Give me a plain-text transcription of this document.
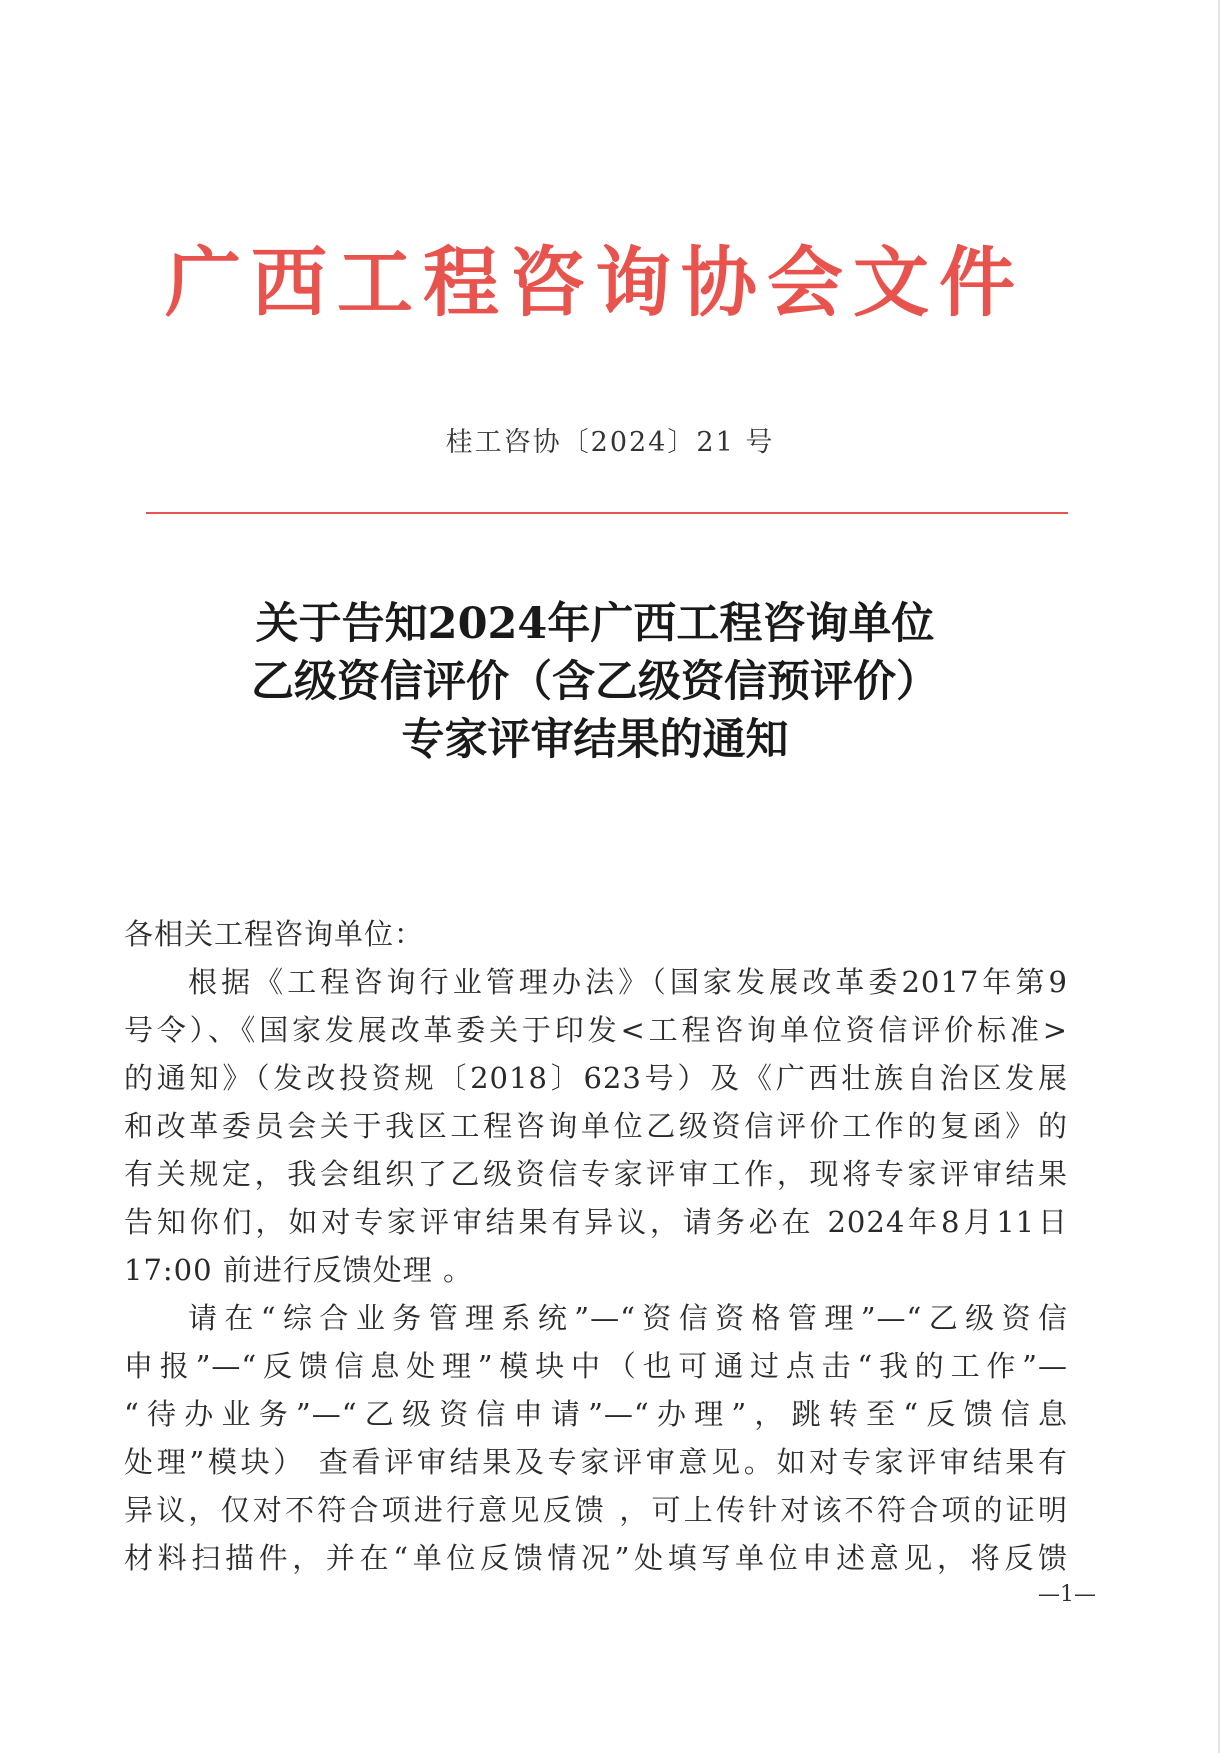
广西工程咨询协会文件
桂工咨协〔2024〕21 号
关于告知2024年广西工程咨询单位
乙级资信评价（含乙级资信预评价）
专家评审结果的通知
各相关工程咨询单位：
根据《工程咨询行业管理办法》（国家发展改革委2017年第9
号令）、《国家发展改革委关于印发<工程咨询单位资信评价标准>
的通知》（发改投资规〔2018〕623号）及《广西壮族自治区发展
和改革委员会关于我区工程咨询单位乙级资信评价工作的复函》的
有关规定，我会组织了乙级资信专家评审工作，现将专家评审结果
告知你们，如对专家评审结果有异议，请务必在 2024年8月11日
17:00 前进行反馈处理 。
请在“综合业务管理系统”—“资信资格管理”—“乙级资信
申报”—“反馈信息处理”模块中（也可通过点击“我的工作”—
“待办业务”—“乙级资信申请”—“办理”，跳转至“反馈信息
处理”模块） 查看评审结果及专家评审意见。如对专家评审结果有
异议，仅对不符合项进行意见反馈 ，可上传针对该不符合项的证明
材料扫描件，并在“单位反馈情况”处填写单位申述意见，将反馈
—1—
